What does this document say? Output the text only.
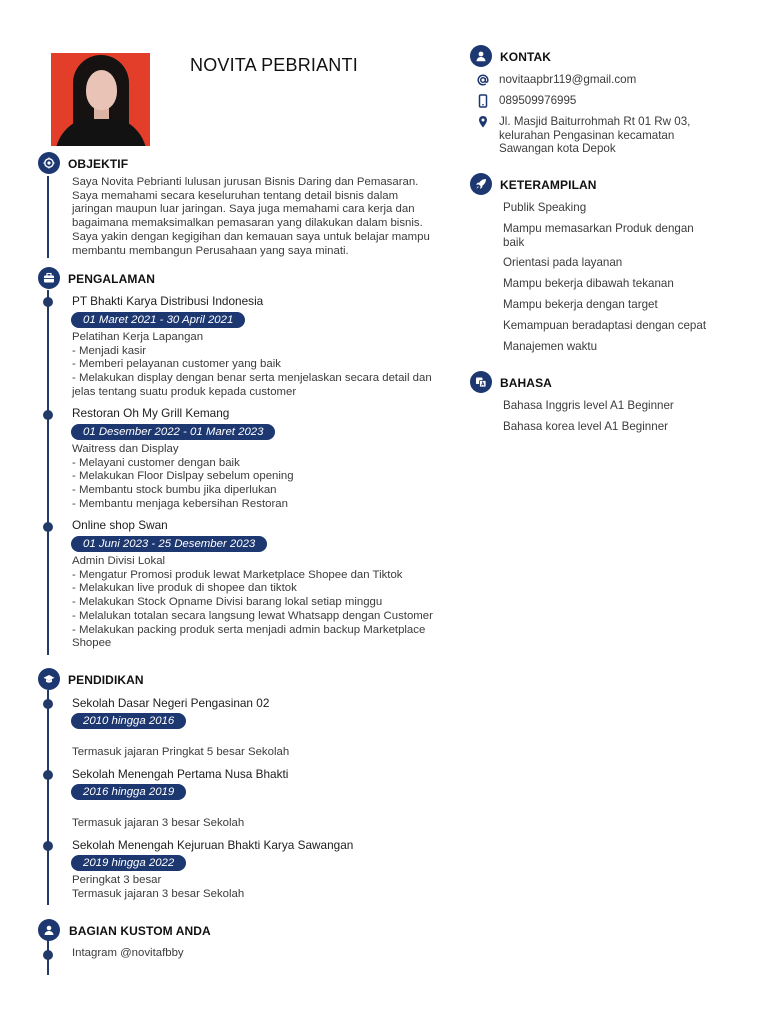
NOVITA PEBRIANTI
OBJEKTIF
Saya Novita Pebrianti lulusan jurusan Bisnis Daring dan Pemasaran.
Saya memahami secara keseluruhan tentang detail bisnis dalam
jaringan maupun luar jaringan. Saya juga memahami cara kerja dan
bagaimana memaksimalkan pemasaran yang dilakukan dalam bisnis.
Saya yakin dengan kegigihan dan kemauan saya untuk belajar mampu
membantu membangun Perusahaan yang saya minati.
PENGALAMAN
PT Bhakti Karya Distribusi Indonesia
01 Maret 2021 - 30 April 2021
Pelatihan Kerja Lapangan
- Menjadi kasir
- Memberi pelayanan customer yang baik
- Melakukan display dengan benar serta menjelaskan secara detail dan
jelas tentang suatu produk kepada customer
Restoran Oh My Grill Kemang
01 Desember 2022 - 01 Maret 2023
Waitress dan Display
- Melayani customer dengan baik
- Melakukan Floor Dislpay sebelum opening
- Membantu stock bumbu jika diperlukan
- Membantu menjaga kebersihan Restoran
Online shop Swan
01 Juni 2023 - 25 Desember 2023
Admin Divisi Lokal
- Mengatur Promosi produk lewat Marketplace Shopee dan Tiktok
- Melakukan live produk di shopee dan tiktok
- Melakukan Stock Opname Divisi barang lokal setiap minggu
- Melalukan totalan secara langsung lewat Whatsapp dengan Customer
- Melakukan packing produk serta menjadi admin backup Marketplace
Shopee
PENDIDIKAN
Sekolah Dasar Negeri Pengasinan 02
2010 hingga 2016
Termasuk jajaran Pringkat 5 besar Sekolah
Sekolah Menengah Pertama Nusa Bhakti
2016 hingga 2019
Termasuk jajaran 3 besar Sekolah
Sekolah Menengah Kejuruan Bhakti Karya Sawangan
2019 hingga 2022
Peringkat 3 besar
Termasuk jajaran 3 besar Sekolah
BAGIAN KUSTOM ANDA
Intagram @novitafbby
KONTAK
novitaapbr119@gmail.com
089509976995
Jl. Masjid Baiturrohmah Rt 01 Rw 03,
kelurahan Pengasinan kecamatan
Sawangan kota Depok
KETERAMPILAN
Publik Speaking
Mampu memasarkan Produk dengan
baik
Orientasi pada layanan
Mampu bekerja dibawah tekanan
Mampu bekerja dengan target
Kemampuan beradaptasi dengan cepat
Manajemen waktu
BAHASA
Bahasa Inggris level A1 Beginner
Bahasa korea level A1 Beginner
